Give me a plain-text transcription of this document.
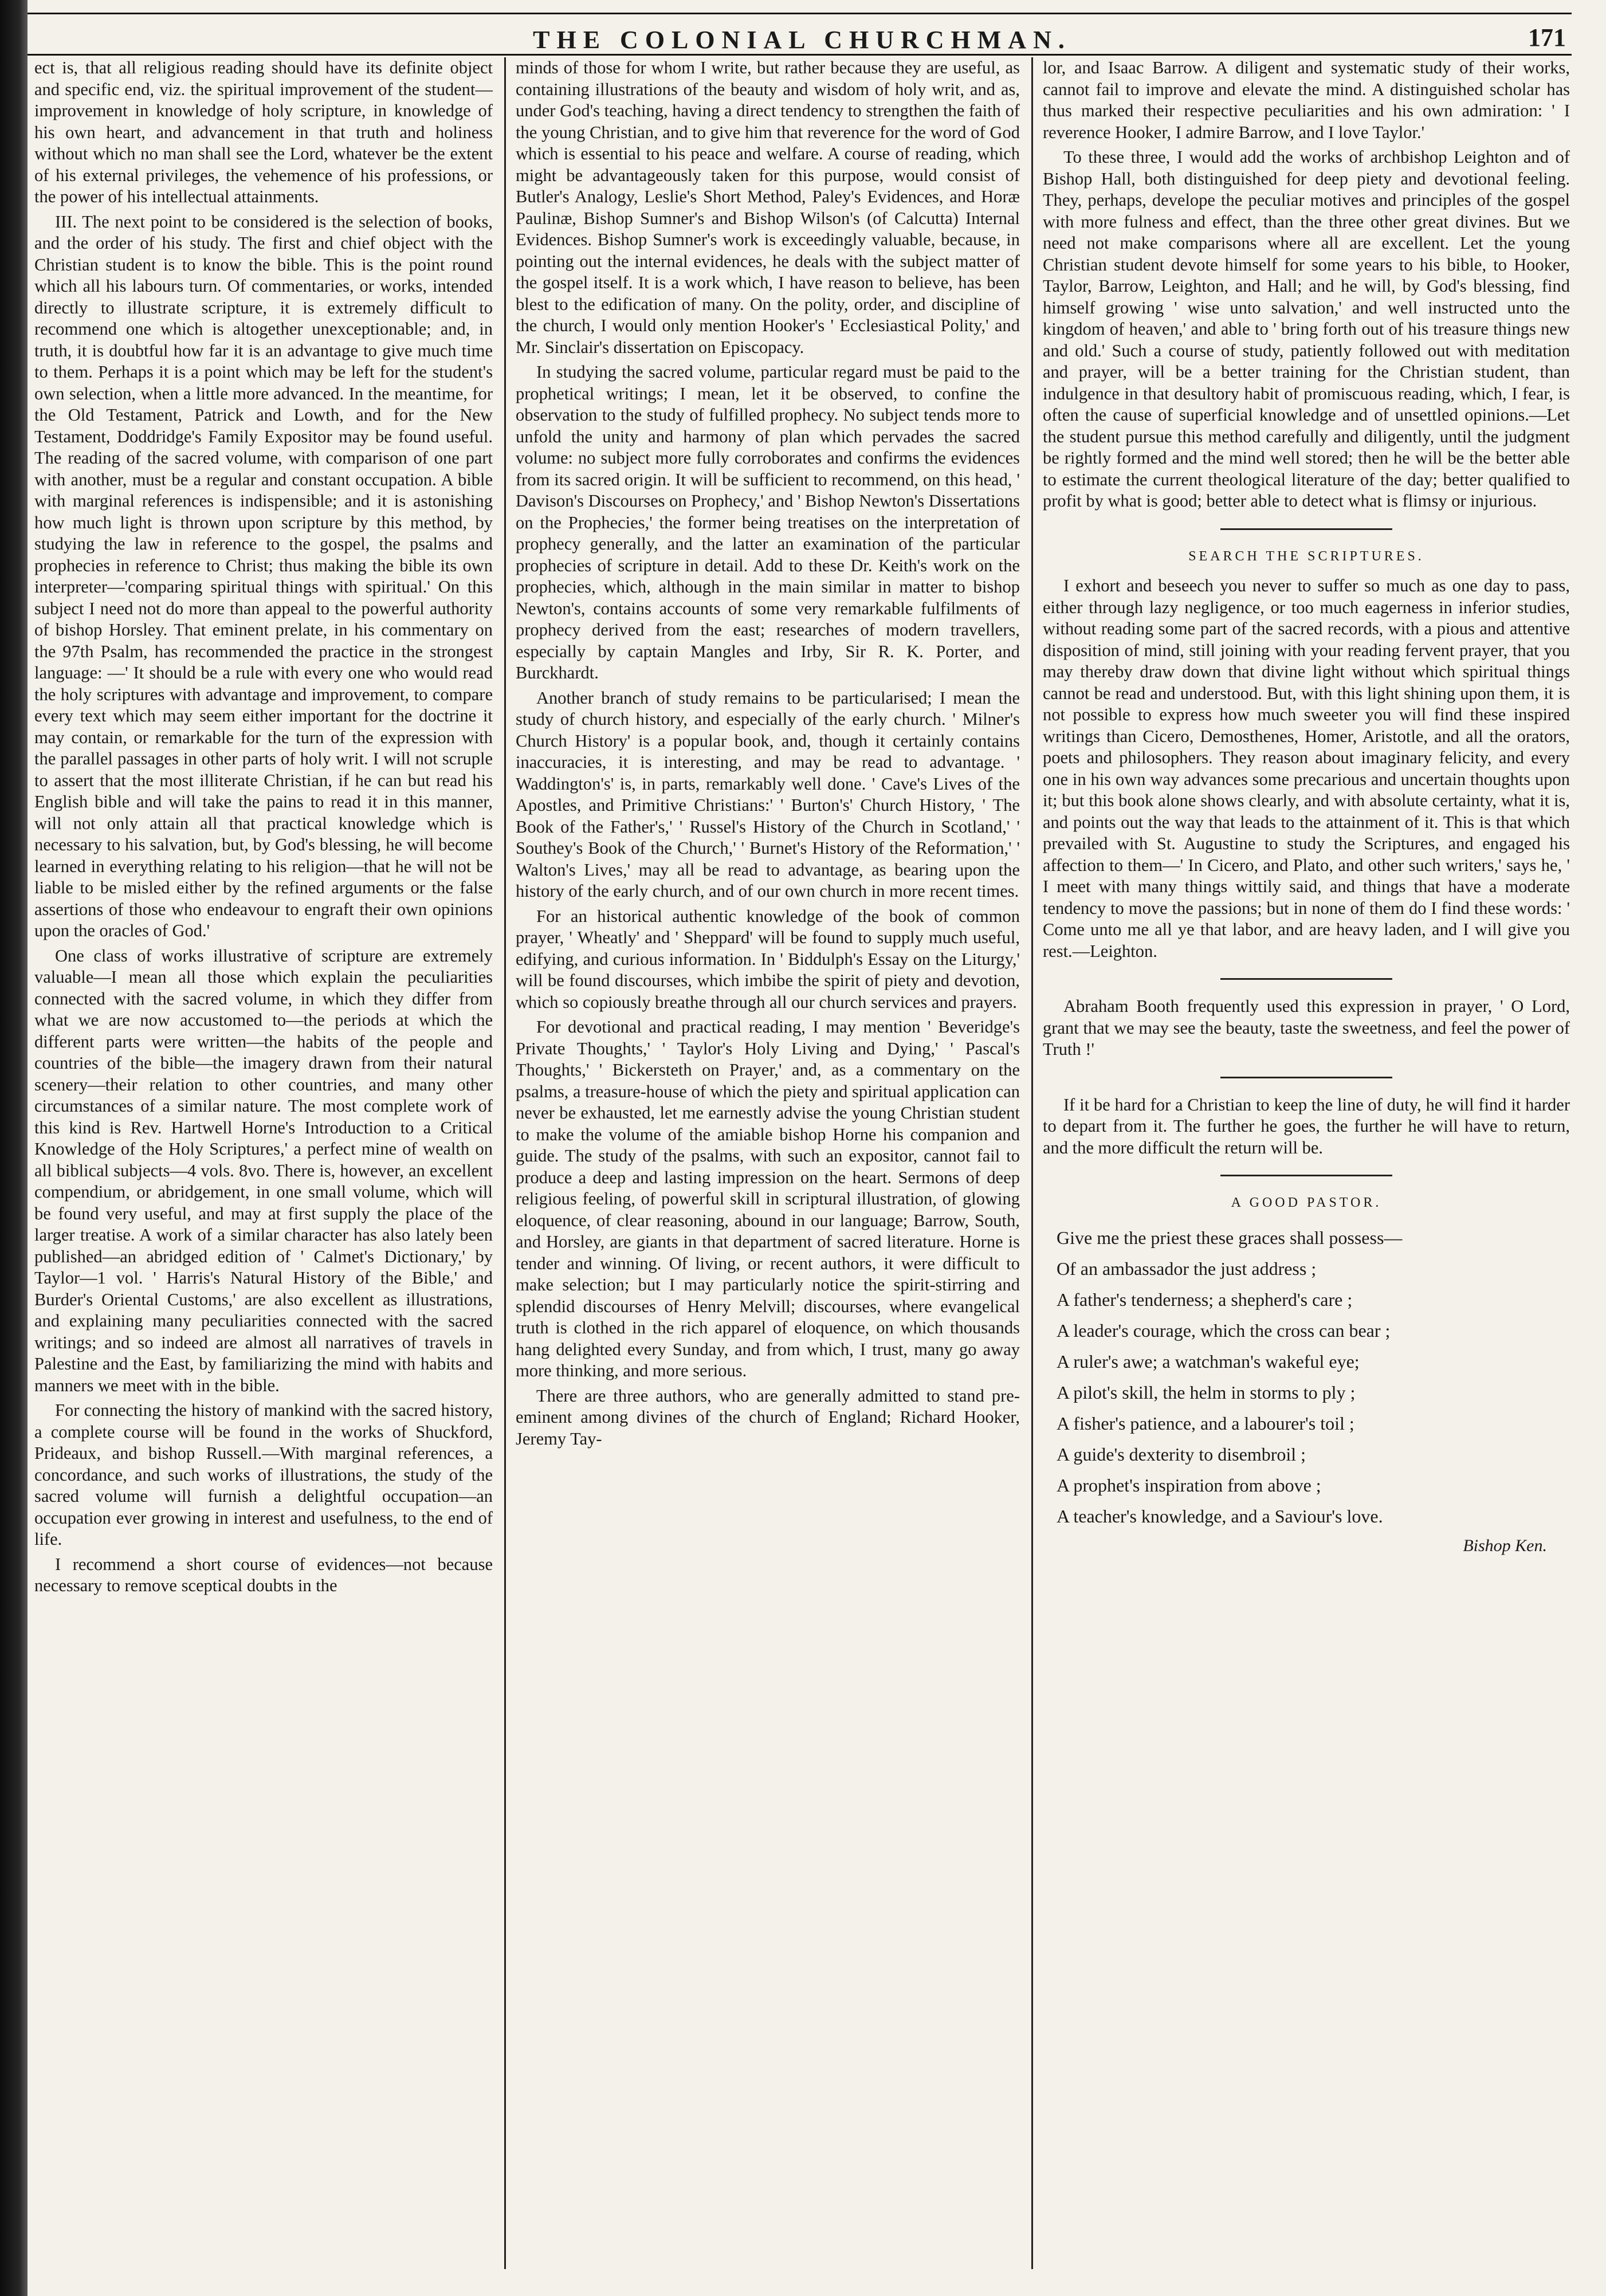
THE COLONIAL CHURCHMAN.	171

ect is, that all religious reading should have its definite object and specific end, viz. the spiritual improvement of the student—improvement in knowledge of holy scripture, in knowledge of his own heart, and advancement in that truth and holiness without which no man shall see the Lord, whatever be the extent of his external privileges, the vehemence of his professions, or the power of his intellectual attainments.

III. The next point to be considered is the selection of books, and the order of his study. The first and chief object with the Christian student is to know the bible. This is the point round which all his labours turn. Of commentaries, or works, intended directly to illustrate scripture, it is extremely difficult to recommend one which is altogether unexceptionable; and, in truth, it is doubtful how far it is an advantage to give much time to them. Perhaps it is a point which may be left for the student's own selection, when a little more advanced. In the meantime, for the Old Testament, Patrick and Lowth, and for the New Testament, Doddridge's Family Expositor may be found useful. The reading of the sacred volume, with comparison of one part with another, must be a regular and constant occupation. A bible with marginal references is indispensible; and it is astonishing how much light is thrown upon scripture by this method, by studying the law in reference to the gospel, the psalms and prophecies in reference to Christ; thus making the bible its own interpreter—'comparing spiritual things with spiritual.' On this subject I need not do more than appeal to the powerful authority of bishop Horsley. That eminent prelate, in his commentary on the 97th Psalm, has recommended the practice in the strongest language: —' It should be a rule with every one who would read the holy scriptures with advantage and improvement, to compare every text which may seem either important for the doctrine it may contain, or remarkable for the turn of the expression with the parallel passages in other parts of holy writ. I will not scruple to assert that the most illiterate Christian, if he can but read his English bible and will take the pains to read it in this manner, will not only attain all that practical knowledge which is necessary to his salvation, but, by God's blessing, he will become learned in everything relating to his religion—that he will not be liable to be misled either by the refined arguments or the false assertions of those who endeavour to engraft their own opinions upon the oracles of God.'

One class of works illustrative of scripture are extremely valuable—I mean all those which explain the peculiarities connected with the sacred volume, in which they differ from what we are now accustomed to—the periods at which the different parts were written—the habits of the people and countries of the bible—the imagery drawn from their natural scenery—their relation to other countries, and many other circumstances of a similar nature. The most complete work of this kind is Rev. Hartwell Horne's Introduction to a Critical Knowledge of the Holy Scriptures,' a perfect mine of wealth on all biblical subjects—4 vols. 8vo. There is, however, an excellent compendium, or abridgement, in one small volume, which will be found very useful, and may at first supply the place of the larger treatise. A work of a similar character has also lately been published—an abridged edition of ' Calmet's Dictionary,' by Taylor—1 vol. ' Harris's Natural History of the Bible,' and Burder's Oriental Customs,' are also excellent as illustrations, and explaining many peculiarities connected with the sacred writings; and so indeed are almost all narratives of travels in Palestine and the East, by familiarizing the mind with habits and manners we meet with in the bible.

For connecting the history of mankind with the sacred history, a complete course will be found in the works of Shuckford, Prideaux, and bishop Russell.—With marginal references, a concordance, and such works of illustrations, the study of the sacred volume will furnish a delightful occupation—an occupation ever growing in interest and usefulness, to the end of life.

I recommend a short course of evidences—not because necessary to remove sceptical doubts in the

minds of those for whom I write, but rather because they are useful, as containing illustrations of the beauty and wisdom of holy writ, and as, under God's teaching, having a direct tendency to strengthen the faith of the young Christian, and to give him that reverence for the word of God which is essential to his peace and welfare. A course of reading, which might be advantageously taken for this purpose, would consist of Butler's Analogy, Leslie's Short Method, Paley's Evidences, and Horæ Paulinæ, Bishop Sumner's and Bishop Wilson's (of Calcutta) Internal Evidences. Bishop Sumner's work is exceedingly valuable, because, in pointing out the internal evidences, he deals with the subject matter of the gospel itself. It is a work which, I have reason to believe, has been blest to the edification of many. On the polity, order, and discipline of the church, I would only mention Hooker's ' Ecclesiastical Polity,' and Mr. Sinclair's dissertation on Episcopacy.

In studying the sacred volume, particular regard must be paid to the prophetical writings; I mean, let it be observed, to confine the observation to the study of fulfilled prophecy. No subject tends more to unfold the unity and harmony of plan which pervades the sacred volume: no subject more fully corroborates and confirms the evidences from its sacred origin. It will be sufficient to recommend, on this head, ' Davison's Discourses on Prophecy,' and ' Bishop Newton's Dissertations on the Prophecies,' the former being treatises on the interpretation of prophecy generally, and the latter an examination of the particular prophecies of scripture in detail. Add to these Dr. Keith's work on the prophecies, which, although in the main similar in matter to bishop Newton's, contains accounts of some very remarkable fulfilments of prophecy derived from the east; researches of modern travellers, especially by captain Mangles and Irby, Sir R. K. Porter, and Burckhardt.

Another branch of study remains to be particularised; I mean the study of church history, and especially of the early church. ' Milner's Church History' is a popular book, and, though it certainly contains inaccuracies, it is interesting, and may be read to advantage. ' Waddington's' is, in parts, remarkably well done. ' Cave's Lives of the Apostles, and Primitive Christians:' ' Burton's' Church History, ' The Book of the Father's,' ' Russel's History of the Church in Scotland,' ' Southey's Book of the Church,' ' Burnet's History of the Reformation,' ' Walton's Lives,' may all be read to advantage, as bearing upon the history of the early church, and of our own church in more recent times.

For an historical authentic knowledge of the book of common prayer, ' Wheatly' and ' Sheppard' will be found to supply much useful, edifying, and curious information. In ' Biddulph's Essay on the Liturgy,' will be found discourses, which imbibe the spirit of piety and devotion, which so copiously breathe through all our church services and prayers.

For devotional and practical reading, I may mention ' Beveridge's Private Thoughts,' ' Taylor's Holy Living and Dying,' ' Pascal's Thoughts,' ' Bickersteth on Prayer,' and, as a commentary on the psalms, a treasure-house of which the piety and spiritual application can never be exhausted, let me earnestly advise the young Christian student to make the volume of the amiable bishop Horne his companion and guide. The study of the psalms, with such an expositor, cannot fail to produce a deep and lasting impression on the heart. Sermons of deep religious feeling, of powerful skill in scriptural illustration, of glowing eloquence, of clear reasoning, abound in our language; Barrow, South, and Horsley, are giants in that department of sacred literature. Horne is tender and winning. Of living, or recent authors, it were difficult to make selection; but I may particularly notice the spirit-stirring and splendid discourses of Henry Melvill; discourses, where evangelical truth is clothed in the rich apparel of eloquence, on which thousands hang delighted every Sunday, and from which, I trust, many go away more thinking, and more serious.

There are three authors, who are generally admitted to stand pre-eminent among divines of the church of England; Richard Hooker, Jeremy Tay-

lor, and Isaac Barrow. A diligent and systematic study of their works, cannot fail to improve and elevate the mind. A distinguished scholar has thus marked their respective peculiarities and his own admiration: ' I reverence Hooker, I admire Barrow, and I love Taylor.'

To these three, I would add the works of archbishop Leighton and of Bishop Hall, both distinguished for deep piety and devotional feeling. They, perhaps, develope the peculiar motives and principles of the gospel with more fulness and effect, than the three other great divines. But we need not make comparisons where all are excellent. Let the young Christian student devote himself for some years to his bible, to Hooker, Taylor, Barrow, Leighton, and Hall; and he will, by God's blessing, find himself growing ' wise unto salvation,' and well instructed unto the kingdom of heaven,' and able to ' bring forth out of his treasure things new and old.' Such a course of study, patiently followed out with meditation and prayer, will be a better training for the Christian student, than indulgence in that desultory habit of promiscuous reading, which, I fear, is often the cause of superficial knowledge and of unsettled opinions.—Let the student pursue this method carefully and diligently, until the judgment be rightly formed and the mind well stored; then he will be the better able to estimate the current theological literature of the day; better qualified to profit by what is good; better able to detect what is flimsy or injurious.

SEARCH THE SCRIPTURES.

I exhort and beseech you never to suffer so much as one day to pass, either through lazy negligence, or too much eagerness in inferior studies, without reading some part of the sacred records, with a pious and attentive disposition of mind, still joining with your reading fervent prayer, that you may thereby draw down that divine light without which spiritual things cannot be read and understood. But, with this light shining upon them, it is not possible to express how much sweeter you will find these inspired writings than Cicero, Demosthenes, Homer, Aristotle, and all the orators, poets and philosophers. They reason about imaginary felicity, and every one in his own way advances some precarious and uncertain thoughts upon it; but this book alone shows clearly, and with absolute certainty, what it is, and points out the way that leads to the attainment of it. This is that which prevailed with St. Augustine to study the Scriptures, and engaged his affection to them—' In Cicero, and Plato, and other such writers,' says he, ' I meet with many things wittily said, and things that have a moderate tendency to move the passions; but in none of them do I find these words: ' Come unto me all ye that labor, and are heavy laden, and I will give you rest.—Leighton.

Abraham Booth frequently used this expression in prayer, ' O Lord, grant that we may see the beauty, taste the sweetness, and feel the power of Truth !'

If it be hard for a Christian to keep the line of duty, he will find it harder to depart from it. The further he goes, the further he will have to return, and the more difficult the return will be.

A GOOD PASTOR.
Give me the priest these graces shall possess—
Of an ambassador the just address ;
A father's tenderness; a shepherd's care ;
A leader's courage, which the cross can bear ;
A ruler's awe; a watchman's wakeful eye;
A pilot's skill, the helm in storms to ply ;
A fisher's patience, and a labourer's toil ;
A guide's dexterity to disembroil ;
A prophet's inspiration from above ;
A teacher's knowledge, and a Saviour's love.
Bishop Ken.
